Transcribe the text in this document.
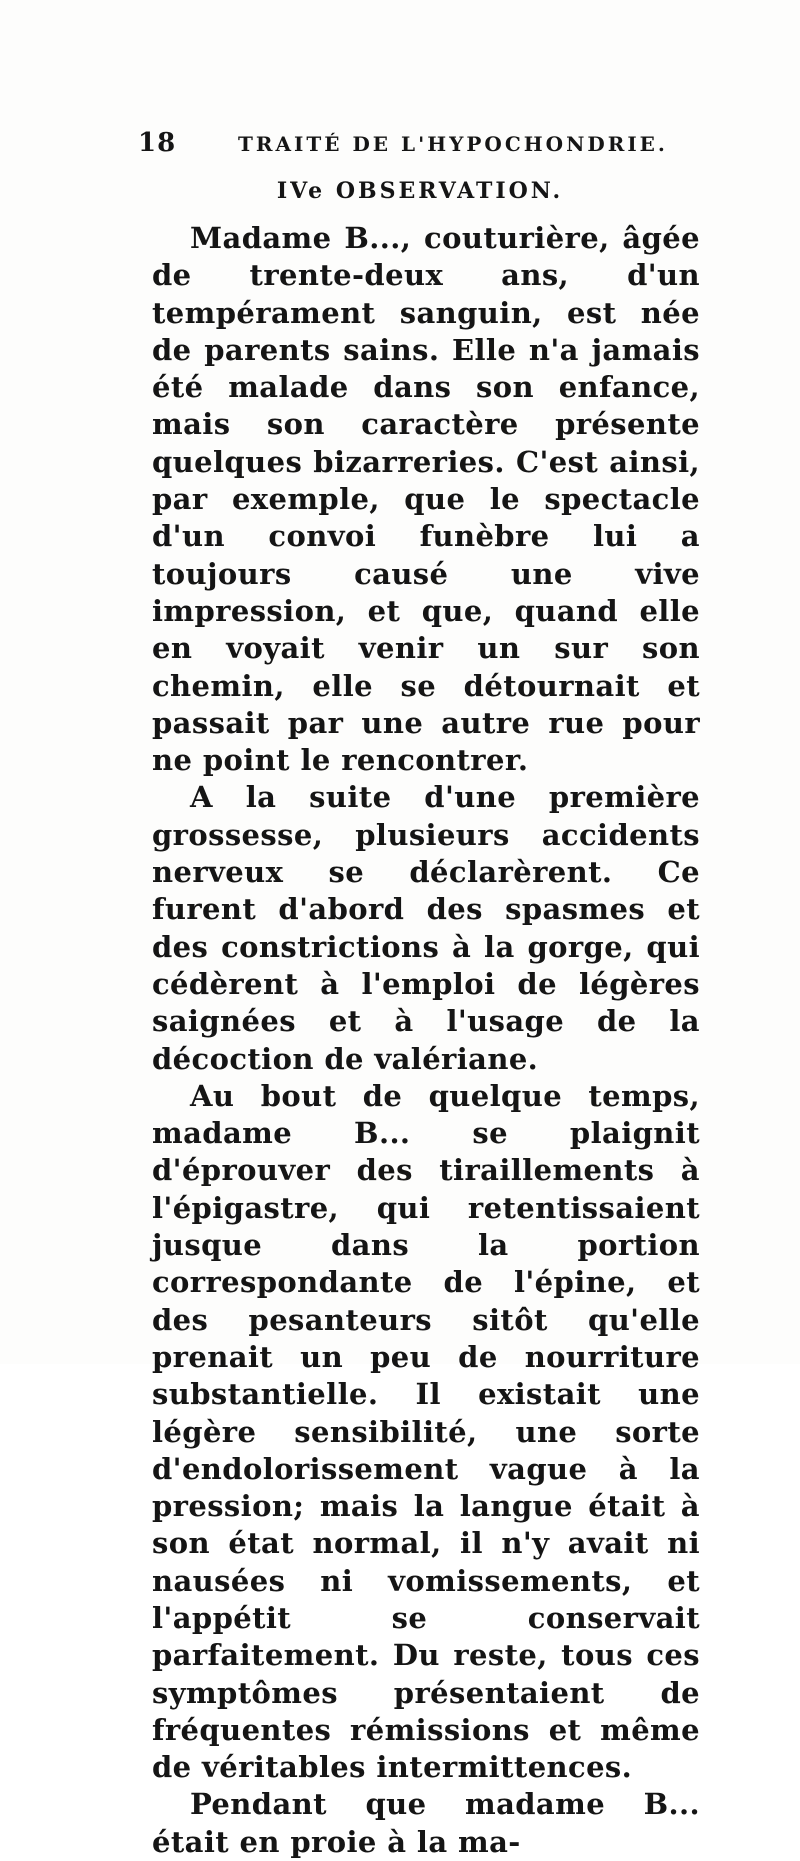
18	TRAITÉ DE L'HYPOCHONDRIE.
IVe OBSERVATION.

Madame B..., couturière, âgée de trente-deux ans, d'un tempérament sanguin, est née de parents sains. Elle n'a jamais été malade dans son enfance, mais son caractère présente quelques bizarreries. C'est ainsi, par exemple, que le spectacle d'un convoi funèbre lui a toujours causé une vive impression, et que, quand elle en voyait venir un sur son chemin, elle se détournait et passait par une autre rue pour ne point le rencontrer.

A la suite d'une première grossesse, plusieurs accidents nerveux se déclarèrent. Ce furent d'abord des spasmes et des constrictions à la gorge, qui cédèrent à l'emploi de légères saignées et à l'usage de la décoction de valériane.

Au bout de quelque temps, madame B... se plaignit d'éprouver des tiraillements à l'épigastre, qui retentissaient jusque dans la portion correspondante de l'épine, et des pesanteurs sitôt qu'elle prenait un peu de nourriture substantielle. Il existait une légère sensibilité, une sorte d'endolorissement vague à la pression; mais la langue était à son état normal, il n'y avait ni nausées ni vomissements, et l'appétit se conservait parfaitement. Du reste, tous ces symptômes présentaient de fréquentes rémissions et même de véritables intermittences.

Pendant que madame B... était en proie à la ma-
